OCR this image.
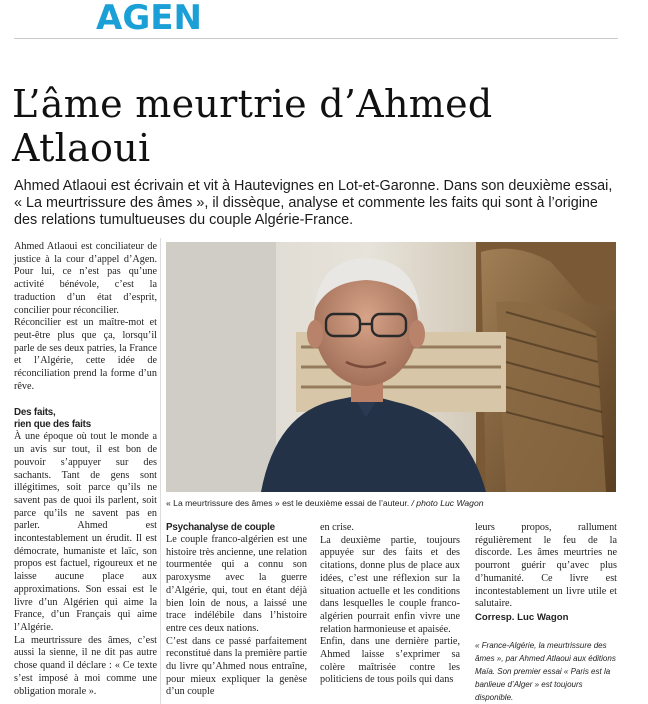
AGEN
L’âme meurtrie d’Ahmed Atlaoui
Ahmed Atlaoui est écrivain et vit à Hautevignes en Lot-et-Garonne. Dans son deuxième essai, « La meurtrissure des âmes », il dissèque, analyse et commente les faits qui sont à l’origine des relations tumultueuses du couple Algérie-France.
« La meurtrissure des âmes » est le deuxième essai de l’auteur. / photo Luc Wagon

Ahmed Atlaoui est conciliateur de justice à la cour d’appel d’Agen. Pour lui, ce n’est pas qu’une activité bénévole, c’est la traduction d’un état d’esprit, concilier pour réconcilier.

Réconcilier est un maître-mot et peut-être plus que ça, lorsqu’il parle de ses deux patries, la France et l’Algérie, cette idée de réconciliation prend la forme d’un rêve.

Des faits,

rien que des faits

À une époque où tout le monde a un avis sur tout, il est bon de pouvoir s’appuyer sur des sachants. Tant de gens sont illégitimes, soit parce qu’ils ne savent pas de quoi ils parlent, soit parce qu’ils ne savent pas en parler. Ahmed est incontestablement un érudit. Il est démocrate, humaniste et laïc, son propos est factuel, rigoureux et ne laisse aucune place aux approximations. Son essai est le livre d’un Algérien qui aime la France, d’un Français qui aime l’Algérie.

La meurtrissure des âmes, c’est aussi la sienne, il ne dit pas autre chose quand il déclare : « Ce texte s’est imposé à moi comme une obligation morale ».

Psychanalyse de couple

Le couple franco-algérien est une histoire très ancienne, une relation tourmentée qui a connu son paroxysme avec la guerre d’Algérie, qui, tout en étant déjà bien loin de nous, a laissé une trace indélébile dans l’histoire entre ces deux nations.

C’est dans ce passé parfaitement reconstitué dans la première partie du livre qu’Ahmed nous entraîne, pour mieux expliquer la genèse d’un couple

en crise.

La deuxième partie, toujours appuyée sur des faits et des citations, donne plus de place aux idées, c’est une réflexion sur la situation actuelle et les conditions dans lesquelles le couple franco-algérien pourrait enfin vivre une relation harmonieuse et apaisée.

Enfin, dans une dernière partie, Ahmed laisse s’exprimer sa colère maîtrisée contre les politiciens de tous poils qui dans

leurs propos, rallument régulièrement le feu de la discorde. Les âmes meurtries ne pourront guérir qu’avec plus d’humanité. Ce livre est incontestablement un livre utile et salutaire.

Corresp. Luc Wagon

« France-Algérie, la meurtrissure des âmes », par Ahmed Atlaoui aux éditions Maïa. Son premier essai « Paris est la banlieue d’Alger » est toujours disponible.
